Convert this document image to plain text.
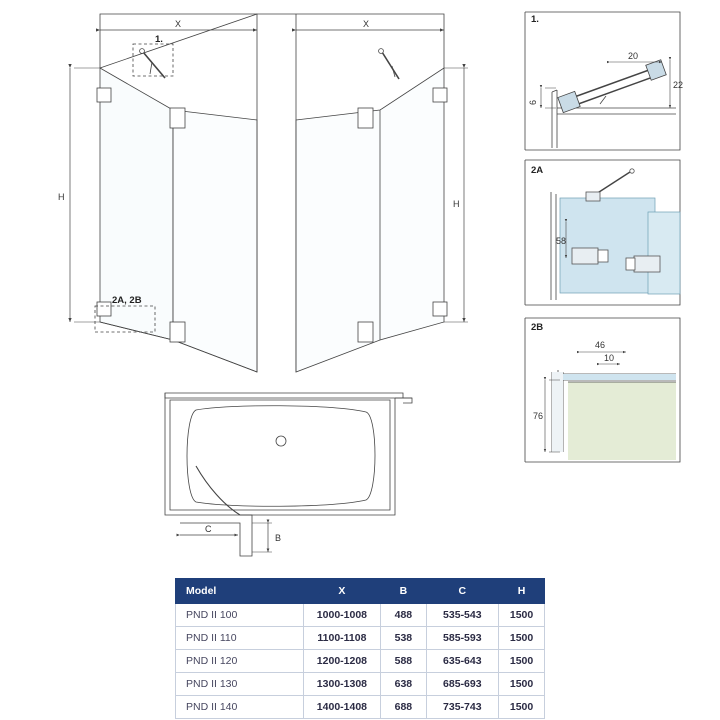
1.
2A, 2B
X	X
H
H
C
B
1.
20
22
6
2A
58
2B
46
10
76
Model	X	B	C	H
PND II 100	1000-1008	488	535-543	1500
PND II 110	1100-1108	538	585-593	1500
PND II 120	1200-1208	588	635-643	1500
PND II 130	1300-1308	638	685-693	1500
PND II 140	1400-1408	688	735-743	1500
